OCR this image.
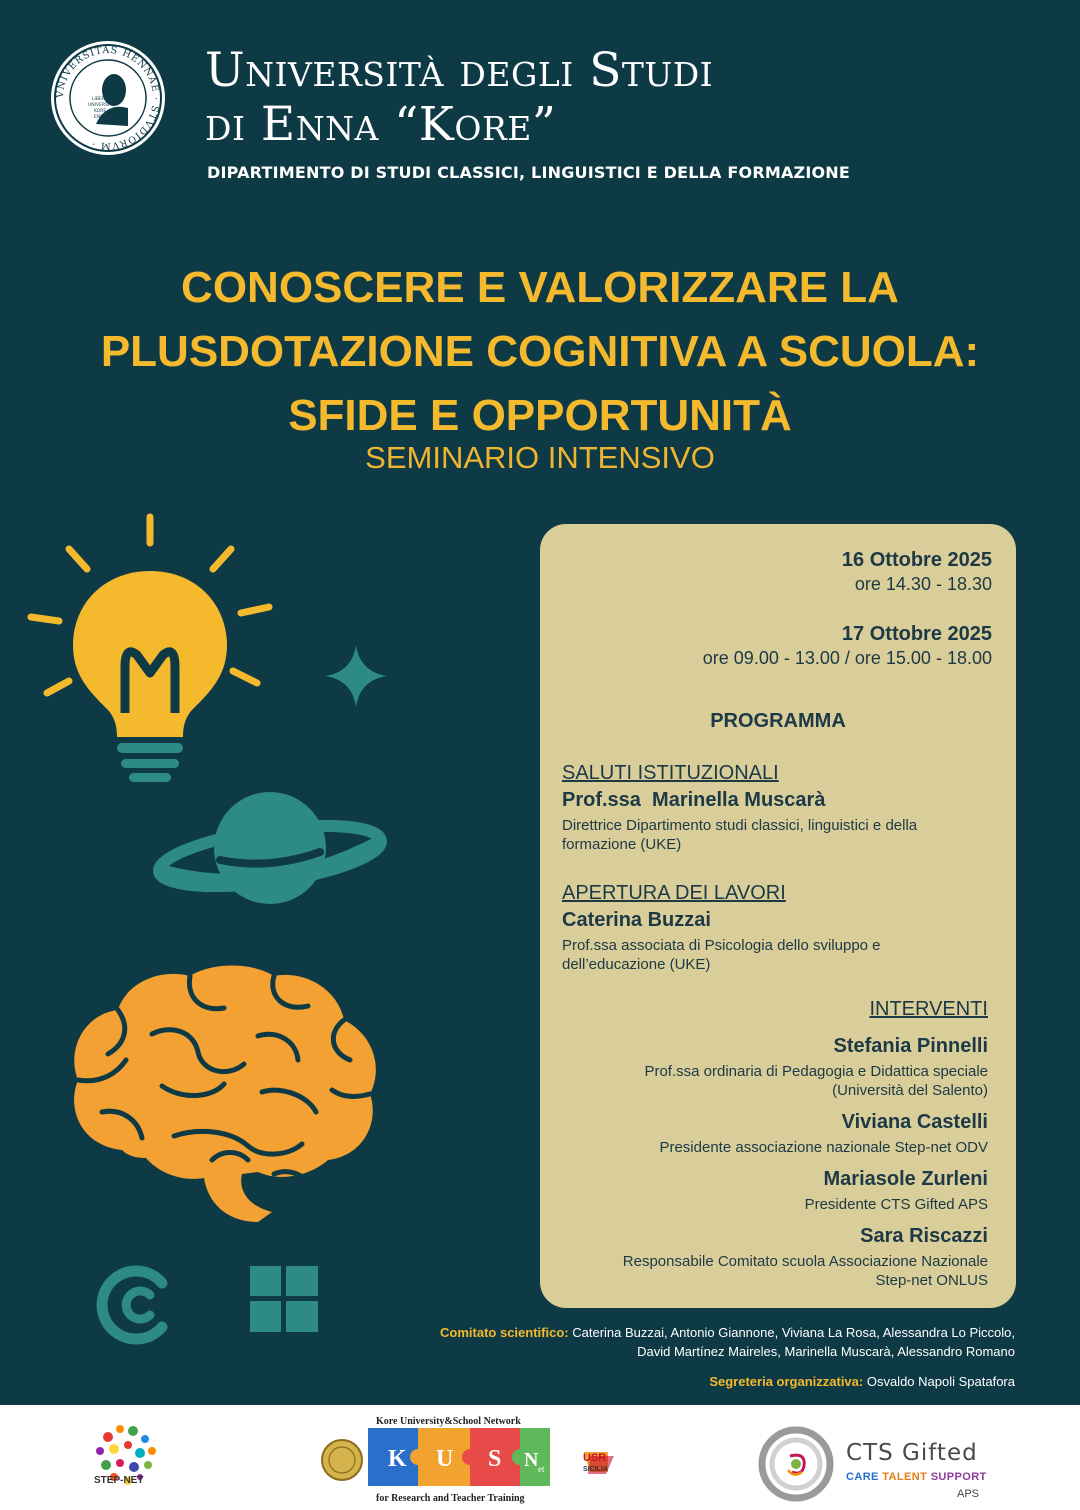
VNIVERSITAS HENNAE · STVDIORVM ·
LIBERA
UNIVERSITÀ
KORE
ENNA
Università degli Studi
di Enna “Kore”
DIPARTIMENTO DI STUDI CLASSICI, LINGUISTICI E DELLA FORMAZIONE
CONOSCERE E VALORIZZARE LA
PLUSDOTAZIONE COGNITIVA A SCUOLA:
SFIDE E OPPORTUNITÀ
SEMINARIO INTENSIVO
16 Ottobre 2025
ore 14.30 - 18.30
17 Ottobre 2025
ore 09.00 - 13.00 / ore 15.00 - 18.00
PROGRAMMA
SALUTI ISTITUZIONALI
Prof.ssa  Marinella Muscarà
Direttrice Dipartimento studi classici, linguistici e della
formazione (UKE)
APERTURA DEI LAVORI
Caterina Buzzai
Prof.ssa associata di Psicologia dello sviluppo e
dell’educazione (UKE)
INTERVENTI
Stefania Pinnelli
Prof.ssa ordinaria di Pedagogia e Didattica speciale
(Università del Salento)
Viviana Castelli
Presidente associazione nazionale Step-net ODV
Mariasole Zurleni
Presidente CTS Gifted APS
Sara Riscazzi
Responsabile Comitato scuola Associazione Nazionale
Step-net ONLUS
Comitato scientifico: Caterina Buzzai, Antonio Giannone, Viviana La Rosa, Alessandra Lo Piccolo,
David Martínez Maireles, Marinella Muscarà, Alessandro Romano
Segreteria organizzativa: Osvaldo Napoli Spatafora
STEP-NET
K U S N et
Kore University&School Network
for Research and Teacher Training
USR
SICILIA
CTS Gifted
CARE TALENT SUPPORT
APS
